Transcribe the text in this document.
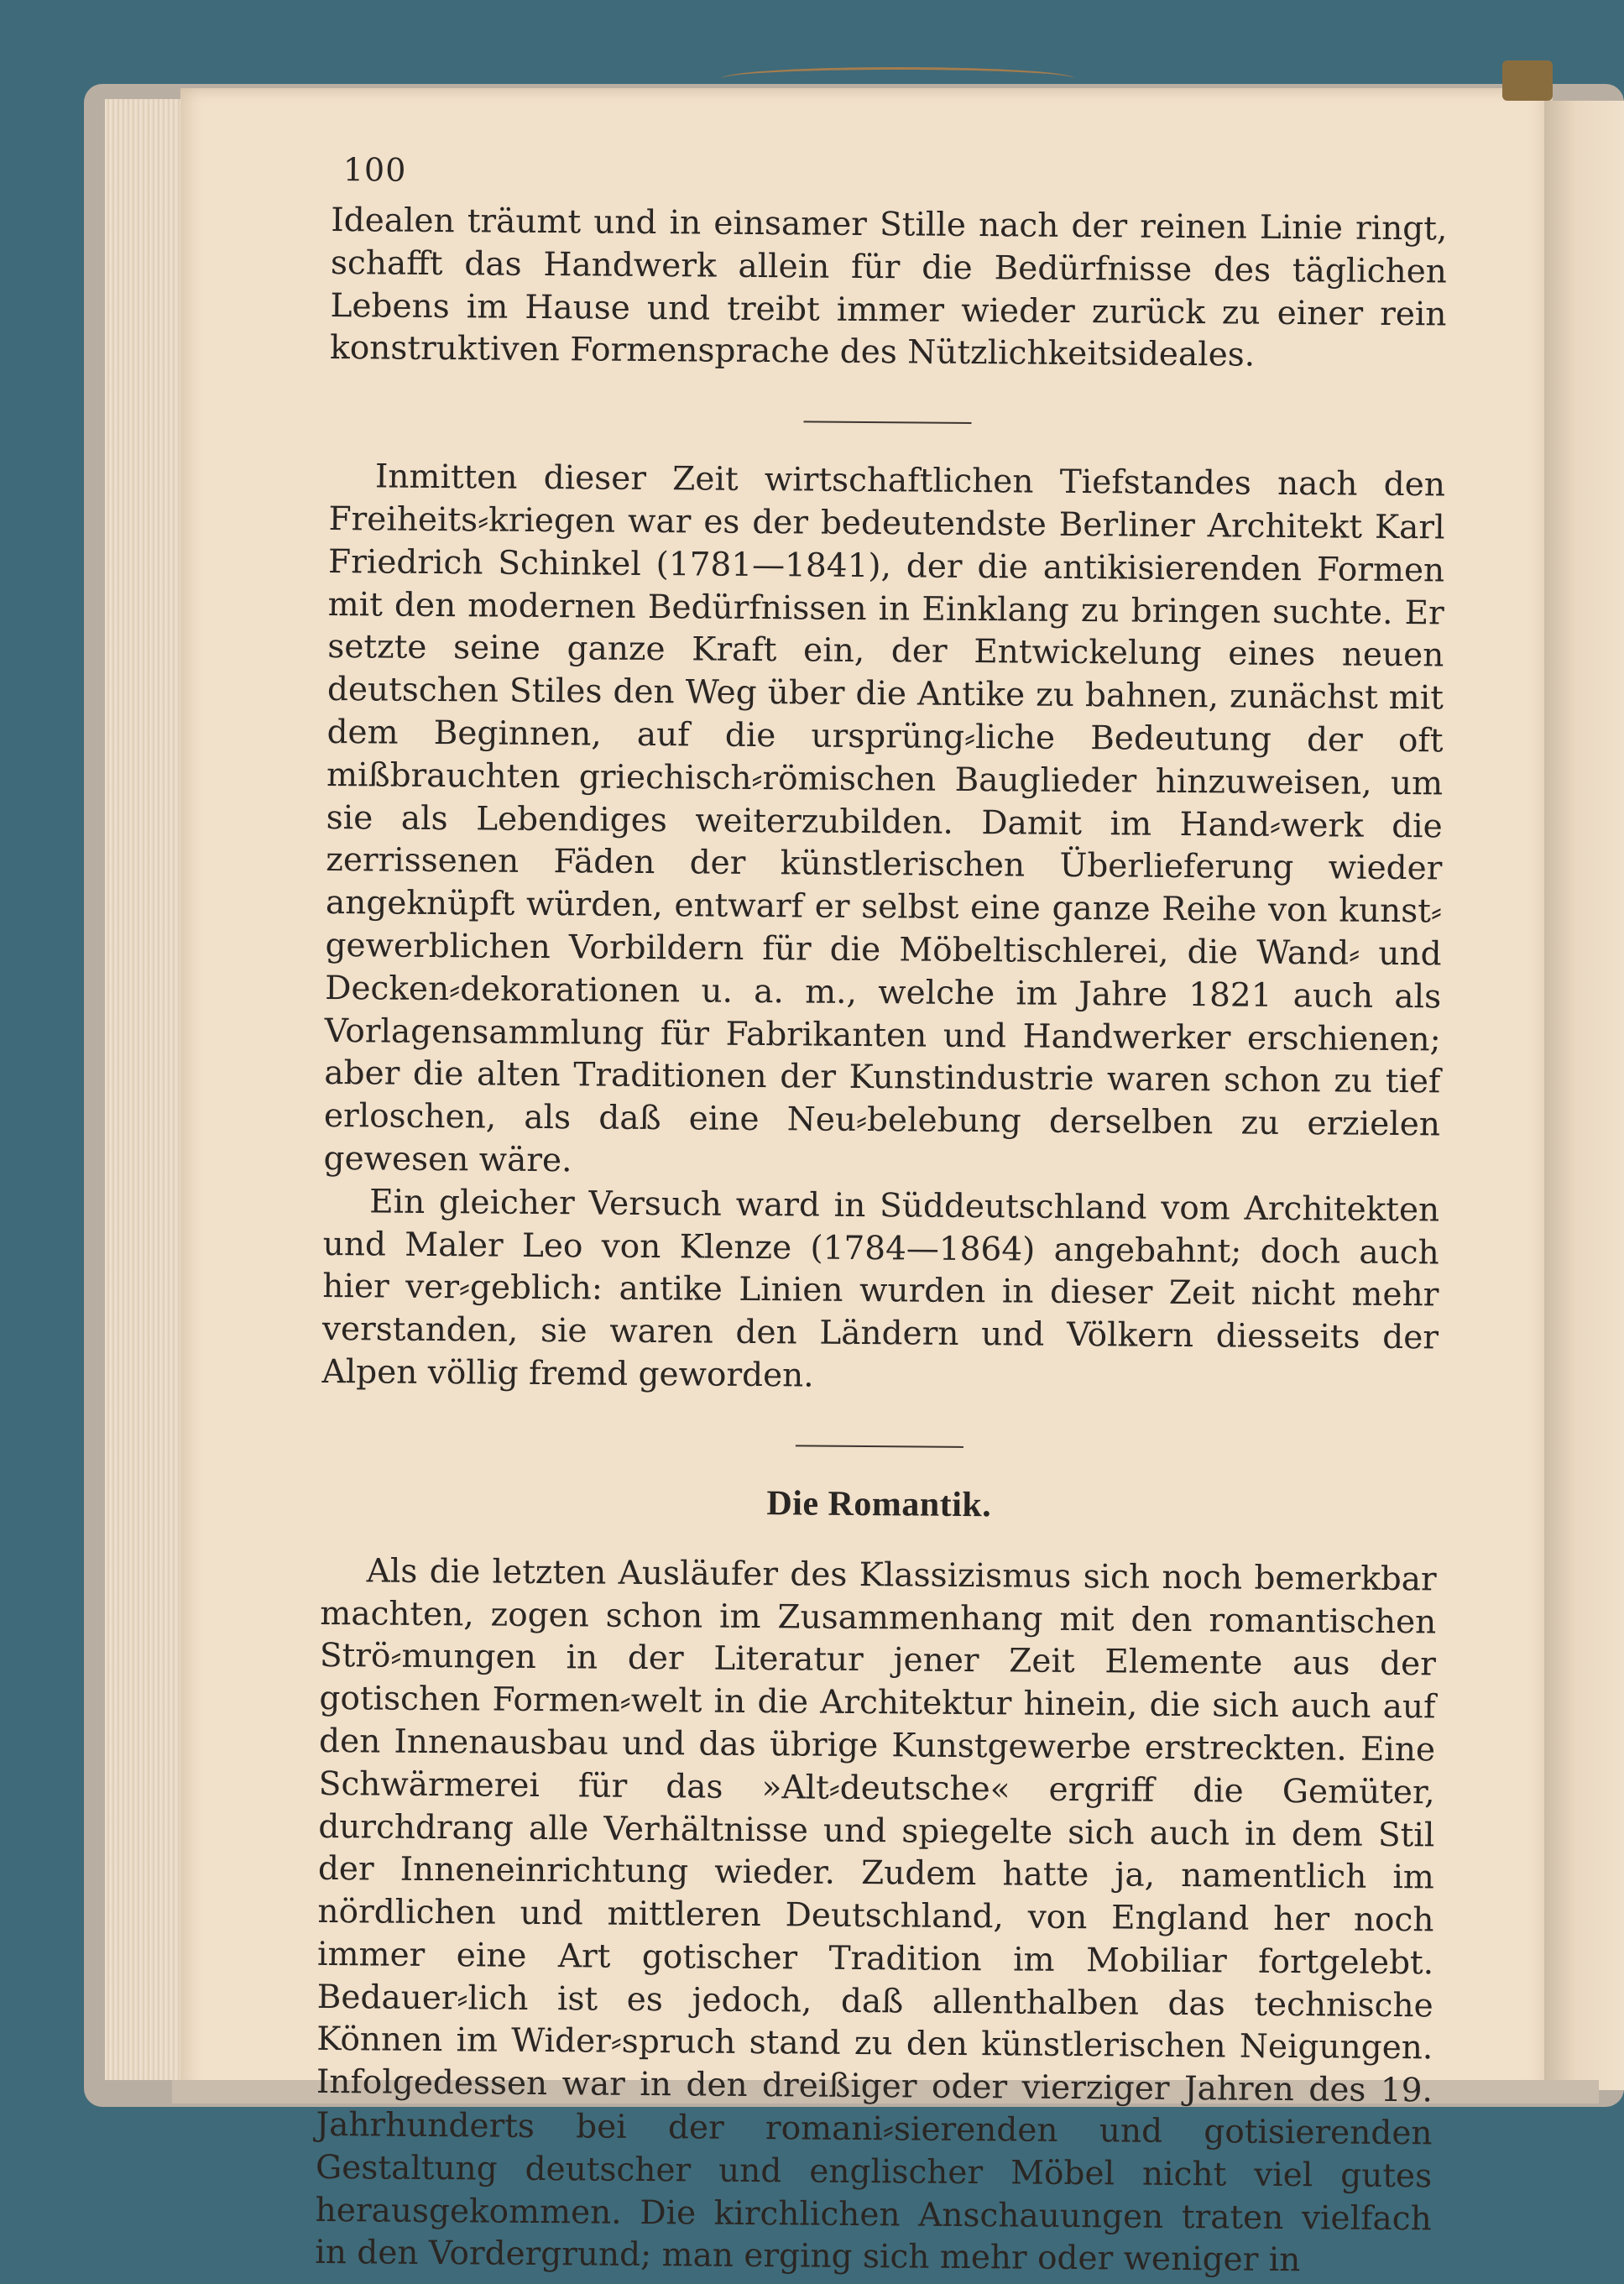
100

Idealen träumt und in einsamer Stille nach der reinen Linie ringt, schafft das Handwerk allein für die Bedürfnisse des täglichen Lebens im Hause und treibt immer wieder zurück zu einer rein konstruktiven Formensprache des Nützlichkeitsideales.

Inmitten dieser Zeit wirtschaftlichen Tiefstandes nach den Freiheits⸗kriegen war es der bedeutendste Berliner Architekt Karl Friedrich Schinkel (1781—1841), der die antikisierenden Formen mit den modernen Bedürfnissen in Einklang zu bringen suchte. Er setzte seine ganze Kraft ein, der Entwickelung eines neuen deutschen Stiles den Weg über die Antike zu bahnen, zunächst mit dem Beginnen, auf die ursprüng⸗liche Bedeutung der oft mißbrauchten griechisch⸗römischen Bauglieder hinzuweisen, um sie als Lebendiges weiterzubilden. Damit im Hand⸗werk die zerrissenen Fäden der künstlerischen Überlieferung wieder angeknüpft würden, entwarf er selbst eine ganze Reihe von kunst⸗gewerblichen Vorbildern für die Möbeltischlerei, die Wand⸗ und Decken⸗dekorationen u. a. m., welche im Jahre 1821 auch als Vorlagensammlung für Fabrikanten und Handwerker erschienen; aber die alten Traditionen der Kunstindustrie waren schon zu tief erloschen, als daß eine Neu⸗belebung derselben zu erzielen gewesen wäre.

Ein gleicher Versuch ward in Süddeutschland vom Architekten und Maler Leo von Klenze (1784—1864) angebahnt; doch auch hier ver⸗geblich: antike Linien wurden in dieser Zeit nicht mehr verstanden, sie waren den Ländern und Völkern diesseits der Alpen völlig fremd geworden.

Die Romantik.

Als die letzten Ausläufer des Klassizismus sich noch bemerkbar machten, zogen schon im Zusammenhang mit den romantischen Strö⸗mungen in der Literatur jener Zeit Elemente aus der gotischen Formen⸗welt in die Architektur hinein, die sich auch auf den Innenausbau und das übrige Kunstgewerbe erstreckten. Eine Schwärmerei für das »Alt⸗deutsche« ergriff die Gemüter, durchdrang alle Verhältnisse und spiegelte sich auch in dem Stil der Inneneinrichtung wieder. Zudem hatte ja, namentlich im nördlichen und mittleren Deutschland, von England her noch immer eine Art gotischer Tradition im Mobiliar fortgelebt. Bedauer⸗lich ist es jedoch, daß allenthalben das technische Können im Wider⸗spruch stand zu den künstlerischen Neigungen. Infolgedessen war in den dreißiger oder vierziger Jahren des 19. Jahrhunderts bei der romani⸗sierenden und gotisierenden Gestaltung deutscher und englischer Möbel nicht viel gutes herausgekommen. Die kirchlichen Anschauungen traten vielfach in den Vordergrund; man erging sich mehr oder weniger in
